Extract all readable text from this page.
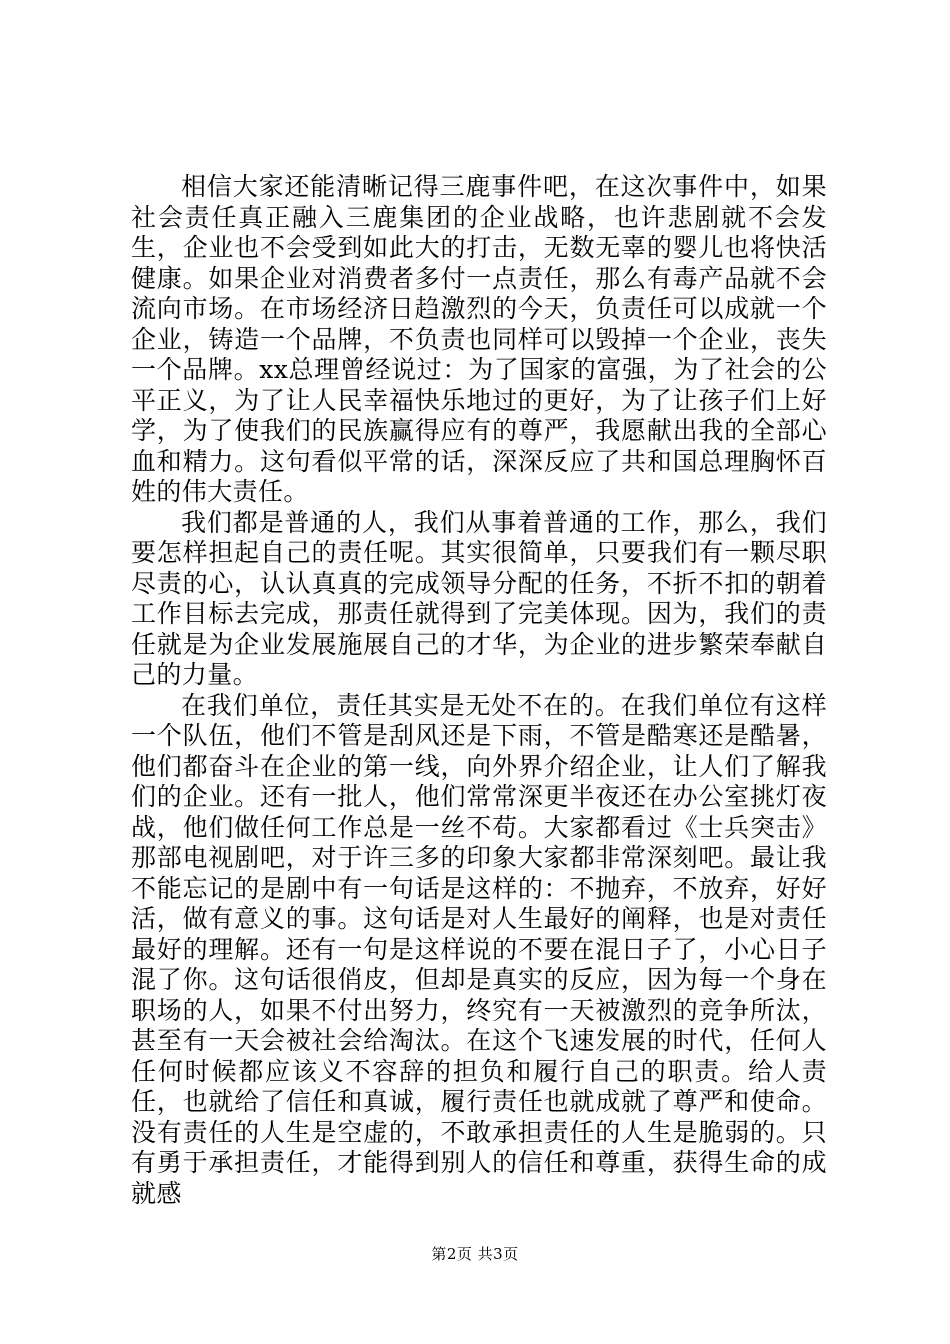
相信大家还能清晰记得三鹿事件吧，在这次事件中，如果社会责任真正融入三鹿集团的企业战略，也许悲剧就不会发生，企业也不会受到如此大的打击，无数无辜的婴儿也将快活健康。如果企业对消费者多付一点责任，那么有毒产品就不会流向市场。在市场经济日趋激烈的今天，负责任可以成就一个企业，铸造一个品牌，不负责也同样可以毁掉一个企业，丧失一个品牌。xx总理曾经说过：为了国家的富强，为了社会的公平正义，为了让人民幸福快乐地过的更好，为了让孩子们上好学，为了使我们的民族赢得应有的尊严，我愿献出我的全部心血和精力。这句看似平常的话，深深反应了共和国总理胸怀百姓的伟大责任。

我们都是普通的人，我们从事着普通的工作，那么，我们要怎样担起自己的责任呢。其实很简单，只要我们有一颗尽职尽责的心，认认真真的完成领导分配的任务，不折不扣的朝着工作目标去完成，那责任就得到了完美体现。因为，我们的责任就是为企业发展施展自己的才华，为企业的进步繁荣奉献自己的力量。

在我们单位，责任其实是无处不在的。在我们单位有这样一个队伍，他们不管是刮风还是下雨，不管是酷寒还是酷暑，他们都奋斗在企业的第一线，向外界介绍企业，让人们了解我们的企业。还有一批人，他们常常深更半夜还在办公室挑灯夜战，他们做任何工作总是一丝不苟。大家都看过《士兵突击》那部电视剧吧，对于许三多的印象大家都非常深刻吧。最让我不能忘记的是剧中有一句话是这样的：不抛弃，不放弃，好好活，做有意义的事。这句话是对人生最好的阐释，也是对责任最好的理解。还有一句是这样说的不要在混日子了，小心日子混了你。这句话很俏皮，但却是真实的反应，因为每一个身在职场的人，如果不付出努力，终究有一天被激烈的竞争所汰，甚至有一天会被社会给淘汰。在这个飞速发展的时代，任何人任何时候都应该义不容辞的担负和履行自己的职责。给人责任，也就给了信任和真诚，履行责任也就成就了尊严和使命。没有责任的人生是空虚的，不敢承担责任的人生是脆弱的。只有勇于承担责任，才能得到别人的信任和尊重，获得生命的成就感

第2页 共3页
